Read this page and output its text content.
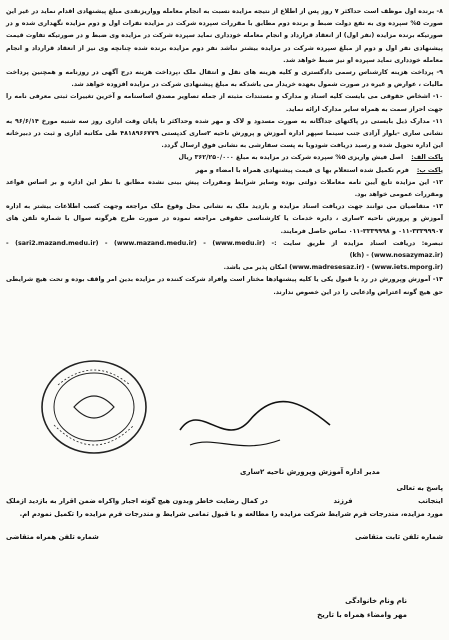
۸- برنده اول موظف است حداکثر ۷ روز پس از اطلاع از نتیجه مزایده نسبت به انجام معامله وواریزنقدی مبلغ پیشنهادی اقدام نماید در غیر این صورت ۵% سپرده وی به نفع دولت ضبط و برنده دوم مطابق با مقررات سپرده شرکت در مزایده نفرات اول و دوم مزایده نگهداری شده و در صورتیکه برنده مزایده (نفر اول) از انعقاد قرارداد و انجام معامله خودداری نماید سپرده شرکت در مزایده وی ضبط و در صورتیکه تفاوت قیمت پیشنهادی نفر اول و دوم از مبلغ سپرده شرکت در مزایده بیشتر نباشد نفر دوم مزایده برنده شده چنانچه وی نیز از انعقاد قرارداد و انجام معامله خودداری نماید سپرده او نیز ضبط خواهد شد.

۹- پرداخت هزینه کارشناس رسمی دادگستری و کلیه هزینه های نقل و انتقال ملک ،پرداخت هزینه درج آگهی در روزنامه و همچنین پرداخت مالیات ، عوارض و غیره در صورت شمول بعهده خریدار می باشدکه به مبلغ پیشنهادی شرکت در مزایده افزوده خواهد شد.

۱۰- اشخاص حقوقی می بایست کلیه اسناد و مدارک و مستندات مثبته از جمله تصاویر مصدق اساسنامه و آخرین تغییرات ثبتی معرفی نامه را جهت احراز سمت به همراه سایر مدارک ارائه نماید.

۱۱- مدارک ذیل بایستی در پاکتهای جداگانه به صورت مسدود و لاک و مهر شده وحداکثر تا پایان وقت اداری روز سه شنبه مورخ ۹۶/۶/۱۴ به نشانی ساری -بلوار آزادی جنب سینما سپهر اداره آموزش و پرورش ناحیه ۲ساری کدپستی ۴۸۱۸۹۶۶۷۷۹ طی مکاتبه اداری و ثبت در دبیرخانه این اداره تحویل شده و رسید دریافت شودویا به پست سفارشی به نشانی فوق ارسال گردد.

پاکت الف:
اصل فیش واریزی ۵% سپرده شرکت در مزایده به مبلغ ۳۶۲/۲۵۰/۰۰۰ ریال
پاکت ب:
فرم تکمیل شده استعلام بها ی قیمت پیشنهادی همراه با امضاء و مهر

۱۲- این مزایده تابع آیین نامه معاملات دولتی بوده وسایر شرایط ومقررات پیش بینی نشده مطابق با نظر این اداره و بر اساس قواعد ومقررات عمومی خواهد بود.

۱۳- متقاضیان می توانند جهت دریافت اسناد مزایده و بازدید ملک به نشانی محل وقوع ملک مراجعه وجهت کسب اطلاعات بیشتر به اداره آموزش و پرورش ناحیه ۲ساری ، دایره خدمات یا کارشناسی حقوقی مراجعه نموده در صورت طرح هرگونه سوال با شماره تلفن های ۳۳۳۹۹۹۰۷-۰۱۱ و ۳۳۳۹۹۹۸-۰۱۱ تماس حاصل فرمایند.

تبصره: دریافت اسناد مزایده از طریق سایت :- (www.medu.ir) - (www.mazand.medu.ir) - (sari2.mazand.medu.ir) - (www.nosazymaz.ir) - (kh)

(www.iets.mporg.ir) - (www.madresesaz.ir) امکان پذیر می باشد.

۱۴- آموزش وپرورش در رد یا قبول یکی یا کلیه پیشنهادها مختار است وافراد شرکت کننده در مزایده بدین امر واقف بوده و تحت هیچ شرایطی حق هیچ گونه اعتراض وادعایی را در این خصوص ندارند.

مدیر اداره آموزش وپرورش ناحیه ۲ساری
پاسخ به تعالی
اینجانب
فرزند
در کمال رضایت خاطر وبدون هیچ گونه اجبار واکراه ضمن اقرار به بازدید ازملک
مورد مزایده، مندرجات فرم شرایط شرکت مزایده را مطالعه و با قبول تمامی شرایط و مندرجات فرم مزایده را تکمیل نمودم ام.
شماره تلفن ثابت متقاضی
شماره تلفن همراه متقاضی
نام ونام خانوادگی
مهر وامضاء همراه با تاریخ
